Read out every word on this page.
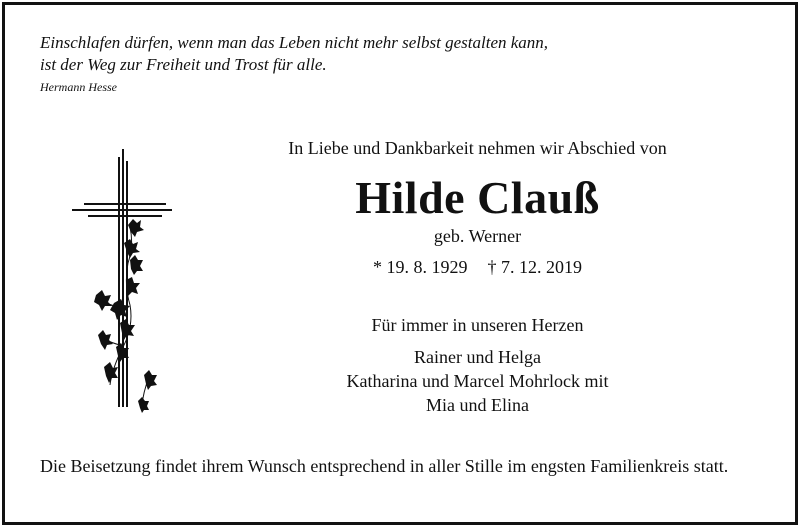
Einschlafen dürfen, wenn man das Leben nicht mehr selbst gestalten kann,
ist der Weg zur Freiheit und Trost für alle.
Hermann Hesse
In Liebe und Dankbarkeit nehmen wir Abschied von
Hilde Clauß
geb. Werner
* 19. 8. 1929 † 7. 12. 2019
Für immer in unseren Herzen
Rainer und Helga
Katharina und Marcel Mohrlock mit
Mia und Elina
Die Beisetzung findet ihrem Wunsch entsprechend in aller Stille im engsten Familienkreis statt.
